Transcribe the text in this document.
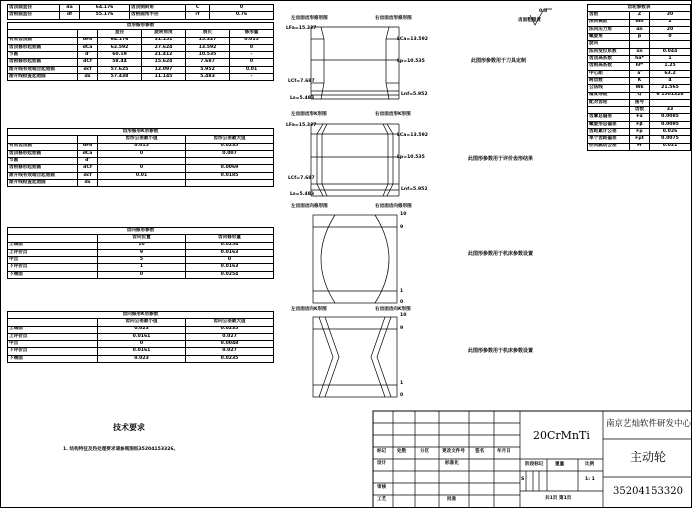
齿顶圆直径	da	64.176	齿顶倒斜角	C	0
齿根圆直径	df	55.176	齿根圆角半径	rf	0.76
齿形修形参数					
		直径	旋转角度	展长	修形量
有效齿顶圆	dFa	64.176	31.151	15.327	0.015
齿顶修形起始圆	dCa	62.592	27.624	13.592	0
节圆	d'	60.19	21.412	10.535	-
齿根修形起始圆	dCf	58.44	15.624	7.687	0
渐开线有效啮合起始圆	dcf	57.625	12.097	5.952	0.01
渐开线检查起始圆	ds	57.438	11.145	5.483	-
齿形修形K形参数			
		齿形公差最小值	齿形公差最大值
有效齿顶圆	dFa	0.015	0.0235
齿顶修形起始圆	dCa	0	0.007
节圆	d'		
齿根修形起始圆	dCf	0	0.0069
渐开线有效啮合起始圆	dcf	0.01	0.0185
渐开线检查起始圆	ds		
齿向修形参数		
	齿向位置	齿向修形量
上端面	10	0.0254
上评价点	9	0.0163
中点	5	0
下评价点	1	0.0163
下端面	0	0.0254
齿向修形K形参数		
	齿向公差最小值	齿向公差最大值
上端面	0.023	0.0235
上评价点	0.0161	0.027
中点	0	0.0048
下评价点	0.0161	0.027
下端面	0.023	0.0235
技术要求
1. 结构特征及热处理要求请参阅图纸35204153326。
左齿面齿形修形图	右齿面齿形修形图
LFa=15.327
LCa=13.592
Lp=10.535
LCf=7.687
Ls=5.483
Lnf=5.952
左齿面齿形K形图	右齿面齿形K形图
LFa=15.327
LCa=13.592
Lp=10.535
LCf=7.687
Ls=5.483
Lnf=5.952
左齿面齿向修形图	右齿面齿向修形图
10
9
1
0
左齿面齿向K形图	右齿面齿向K形图
10
9
1
0
此图形参数用于刀具定制
此图形参数用于评价齿形结果
此图形参数用于机床参数设置
此图形参数用于机床参数设置
齿面粗糙度
0.8
齿轮参数表		
齿数	Z	30
法向模数	mn	2
法向压力角	αn	20
螺旋角	β	0
旋向		
法向变位系数	xn	0.044
齿顶高系数	ha*	1
齿根高系数	hf*	1.25
中心距	a'	63.2
跨齿数	K	4
公法线	Wk	21.565
精度等级	Q	6 1501328
配对齿轮	图号	
	齿数	33
齿廓总偏差	Fα	0.0085
螺旋形总偏差	Fβ	0.0095
齿距累计公差	Fp	0.026
单个齿距偏差	Fpt	0.0075
径向跳动公差	Fr	0.021
标记 处数	分区	更改文件号 签名	年月日
设计	标准化
审核
工艺	批准
20CrMnTi
阶段标记	重量	比例
S	1: 1
共1页 第1页
南京艺灿软件研发中心
主动轮
35204153320
